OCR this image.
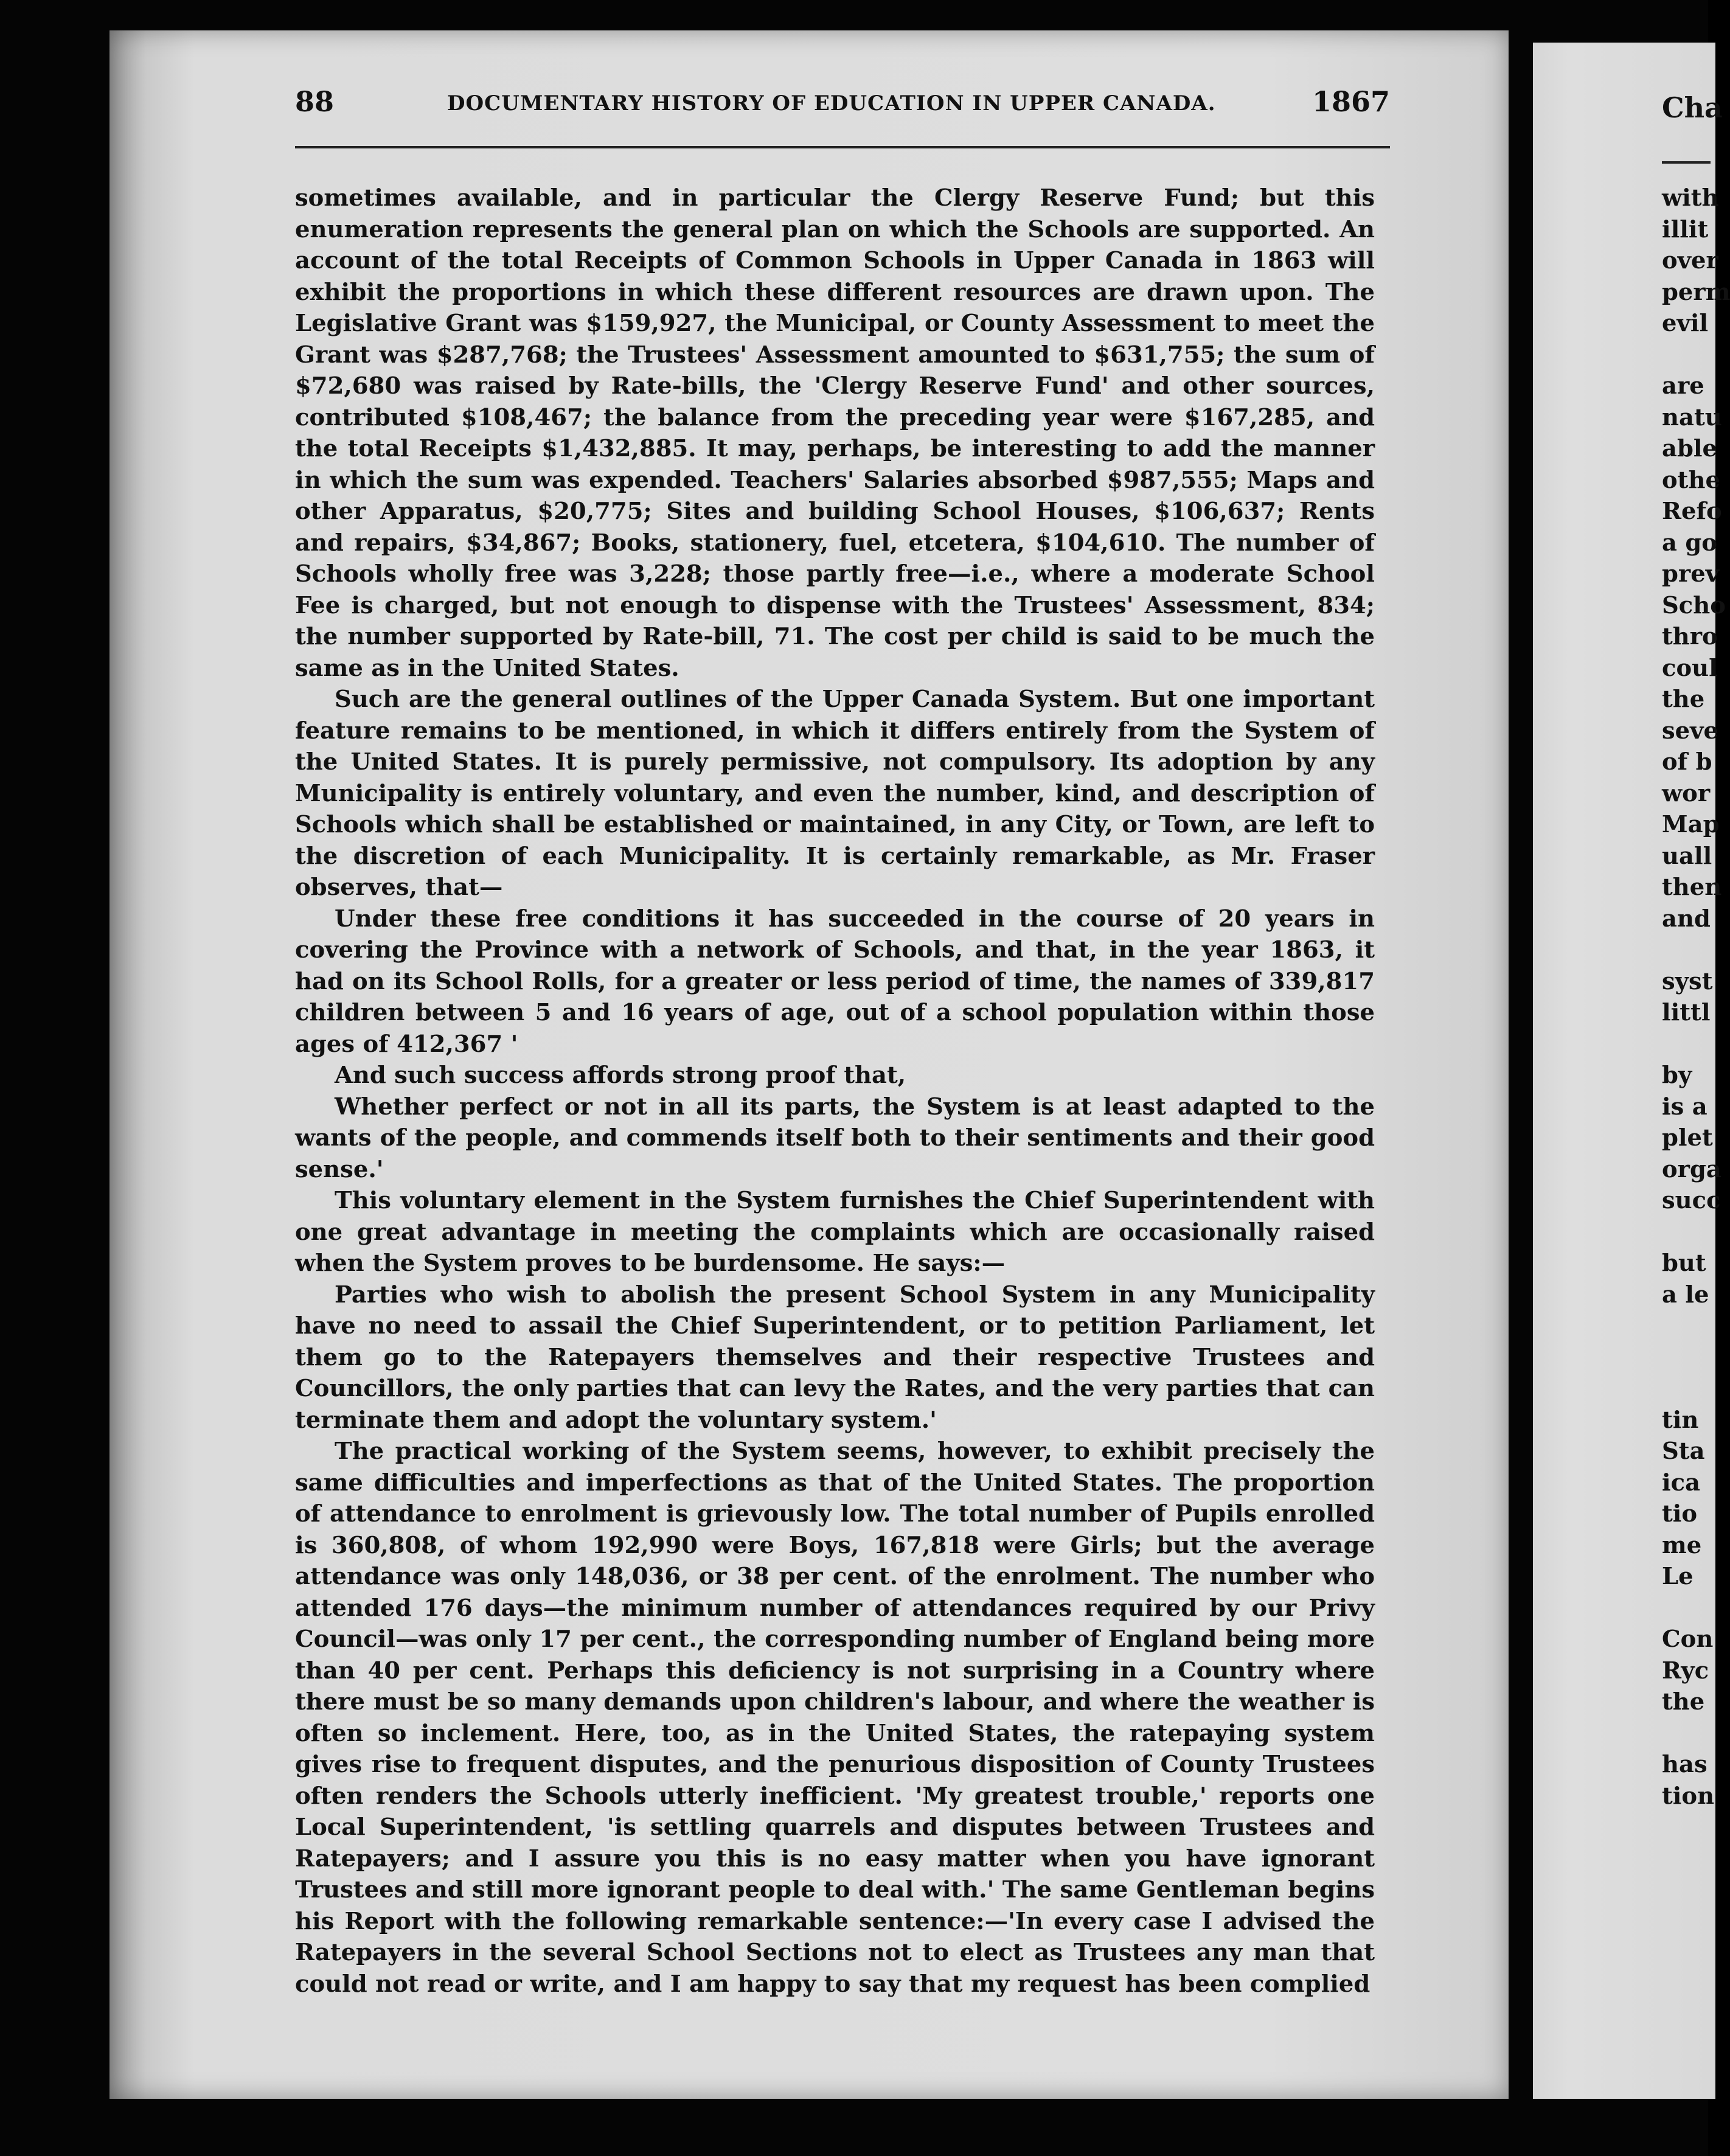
88	DOCUMENTARY HISTORY OF EDUCATION IN UPPER CANADA.	1867

sometimes available, and in particular the Clergy Reserve Fund; but this enumeration represents the general plan on which the Schools are supported. An account of the total Receipts of Common Schools in Upper Canada in 1863 will exhibit the proportions in which these different resources are drawn upon. The Legislative Grant was $159,927, the Municipal, or County Assessment to meet the Grant was $287,768; the Trustees' Assessment amounted to $631,755; the sum of $72,680 was raised by Rate-bills, the 'Clergy Reserve Fund' and other sources, contributed $108,467; the balance from the preceding year were $167,285, and the total Receipts $1,432,885. It may, perhaps, be interesting to add the manner in which the sum was expended. Teachers' Salaries absorbed $987,555; Maps and other Apparatus, $20,775; Sites and building School Houses, $106,637; Rents and repairs, $34,867; Books, stationery, fuel, etcetera, $104,610. The number of Schools wholly free was 3,228; those partly free—i.e., where a moderate School Fee is charged, but not enough to dispense with the Trustees' Assessment, 834; the number supported by Rate-bill, 71. The cost per child is said to be much the same as in the United States.

Such are the general outlines of the Upper Canada System. But one important feature remains to be mentioned, in which it differs entirely from the System of the United States. It is purely permissive, not compulsory. Its adoption by any Municipality is entirely voluntary, and even the number, kind, and description of Schools which shall be established or maintained, in any City, or Town, are left to the discretion of each Municipality. It is certainly remarkable, as Mr. Fraser observes, that—

Under these free conditions it has succeeded in the course of 20 years in covering the Province with a network of Schools, and that, in the year 1863, it had on its School Rolls, for a greater or less period of time, the names of 339,817 children between 5 and 16 years of age, out of a school population within those ages of 412,367 '

And such success affords strong proof that,

Whether perfect or not in all its parts, the System is at least adapted to the wants of the people, and commends itself both to their sentiments and their good sense.'

This voluntary element in the System furnishes the Chief Superintendent with one great advantage in meeting the complaints which are occasionally raised when the System proves to be burdensome. He says:—

Parties who wish to abolish the present School System in any Municipality have no need to assail the Chief Superintendent, or to petition Parliament, let them go to the Ratepayers themselves and their respective Trustees and Councillors, the only parties that can levy the Rates, and the very parties that can terminate them and adopt the voluntary system.'

The practical working of the System seems, however, to exhibit precisely the same difficulties and imperfections as that of the United States. The proportion of attendance to enrolment is grievously low. The total number of Pupils enrolled is 360,808, of whom 192,990 were Boys, 167,818 were Girls; but the average attendance was only 148,036, or 38 per cent. of the enrolment. The number who attended 176 days—the minimum number of attendances required by our Privy Council—was only 17 per cent., the corresponding number of England being more than 40 per cent. Perhaps this deficiency is not surprising in a Country where there must be so many demands upon children's labour, and where the weather is often so inclement. Here, too, as in the United States, the ratepaying system gives rise to frequent disputes, and the penurious disposition of County Trustees often renders the Schools utterly inefficient. 'My greatest trouble,' reports one Local Superintendent, 'is settling quarrels and disputes between Trustees and Ratepayers; and I assure you this is no easy matter when you have ignorant Trustees and still more ignorant people to deal with.' The same Gentleman begins his Report with the following remarkable sentence:—'In every case I advised the Ratepayers in the several School Sections not to elect as Trustees any man that could not read or write, and I am happy to say that my request has been complied

Cha
with
illit
over
perm
evil
are
natu
able
othe
Refo
a go
prev
Scho
thro
coul
the
seve
of b
wor
Map
uall
then
and
syst
littl
by
is a
plet
orga
succ
but
a le
tin
Sta
ica
tio
me
Le
Con
Ryc
the
has
tion
